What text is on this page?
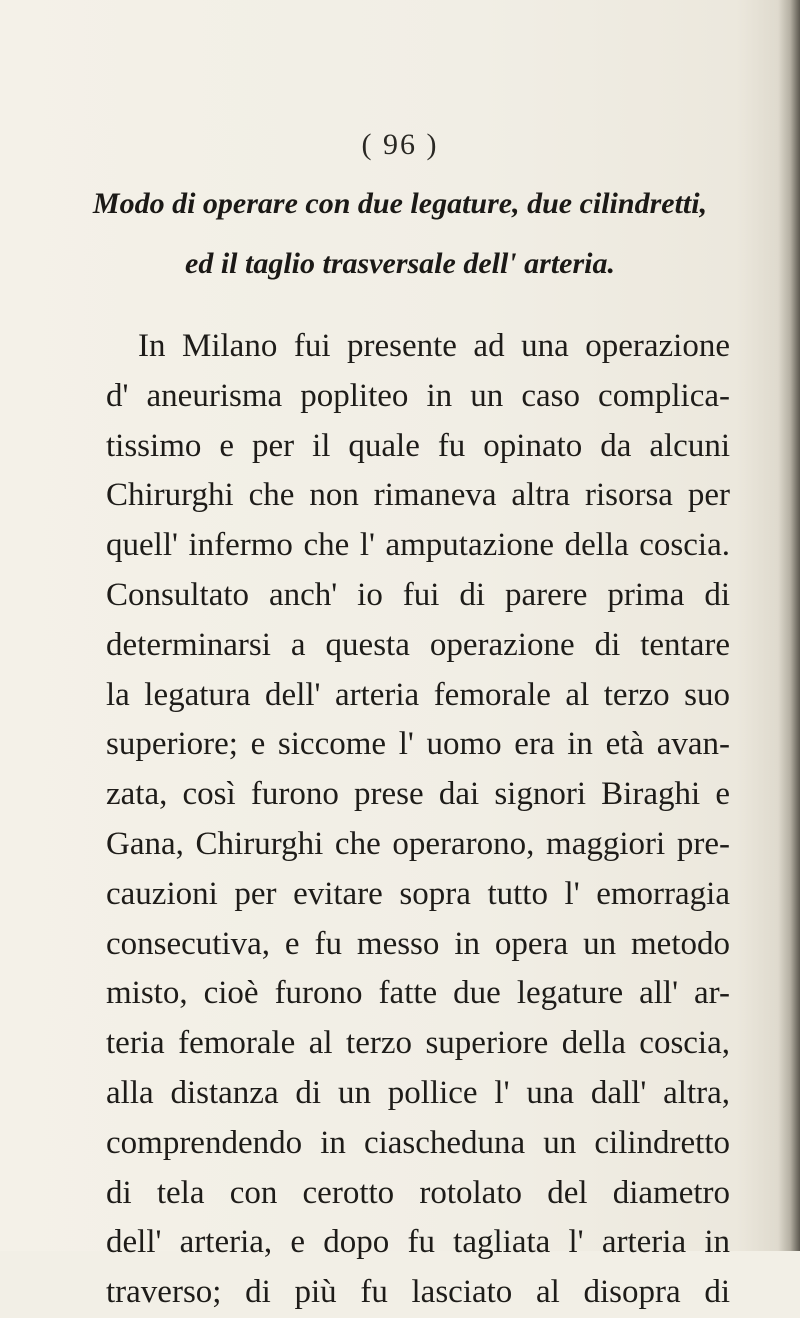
( 96 )
Modo di operare con due legature, due cilindretti,
ed il taglio trasversale dell' arteria.
In Milano fui presente ad una operazione
d' aneurisma popliteo in un caso complica-
tissimo e per il quale fu opinato da alcuni
Chirurghi che non rimaneva altra risorsa per
quell' infermo che l' amputazione della coscia.
Consultato anch' io fui di parere prima di
determinarsi a questa operazione di tentare
la legatura dell' arteria femorale al terzo suo
superiore; e siccome l' uomo era in età avan-
zata, così furono prese dai signori Biraghi e
Gana, Chirurghi che operarono, maggiori pre-
cauzioni per evitare sopra tutto l' emorragia
consecutiva, e fu messo in opera un metodo
misto, cioè furono fatte due legature all' ar-
teria femorale al terzo superiore della coscia,
alla distanza di un pollice l' una dall' altra,
comprendendo in ciascheduna un cilindretto
di tela con cerotto rotolato del diametro
dell' arteria, e dopo fu tagliata l' arteria in
traverso; di più fu lasciato al disopra di
